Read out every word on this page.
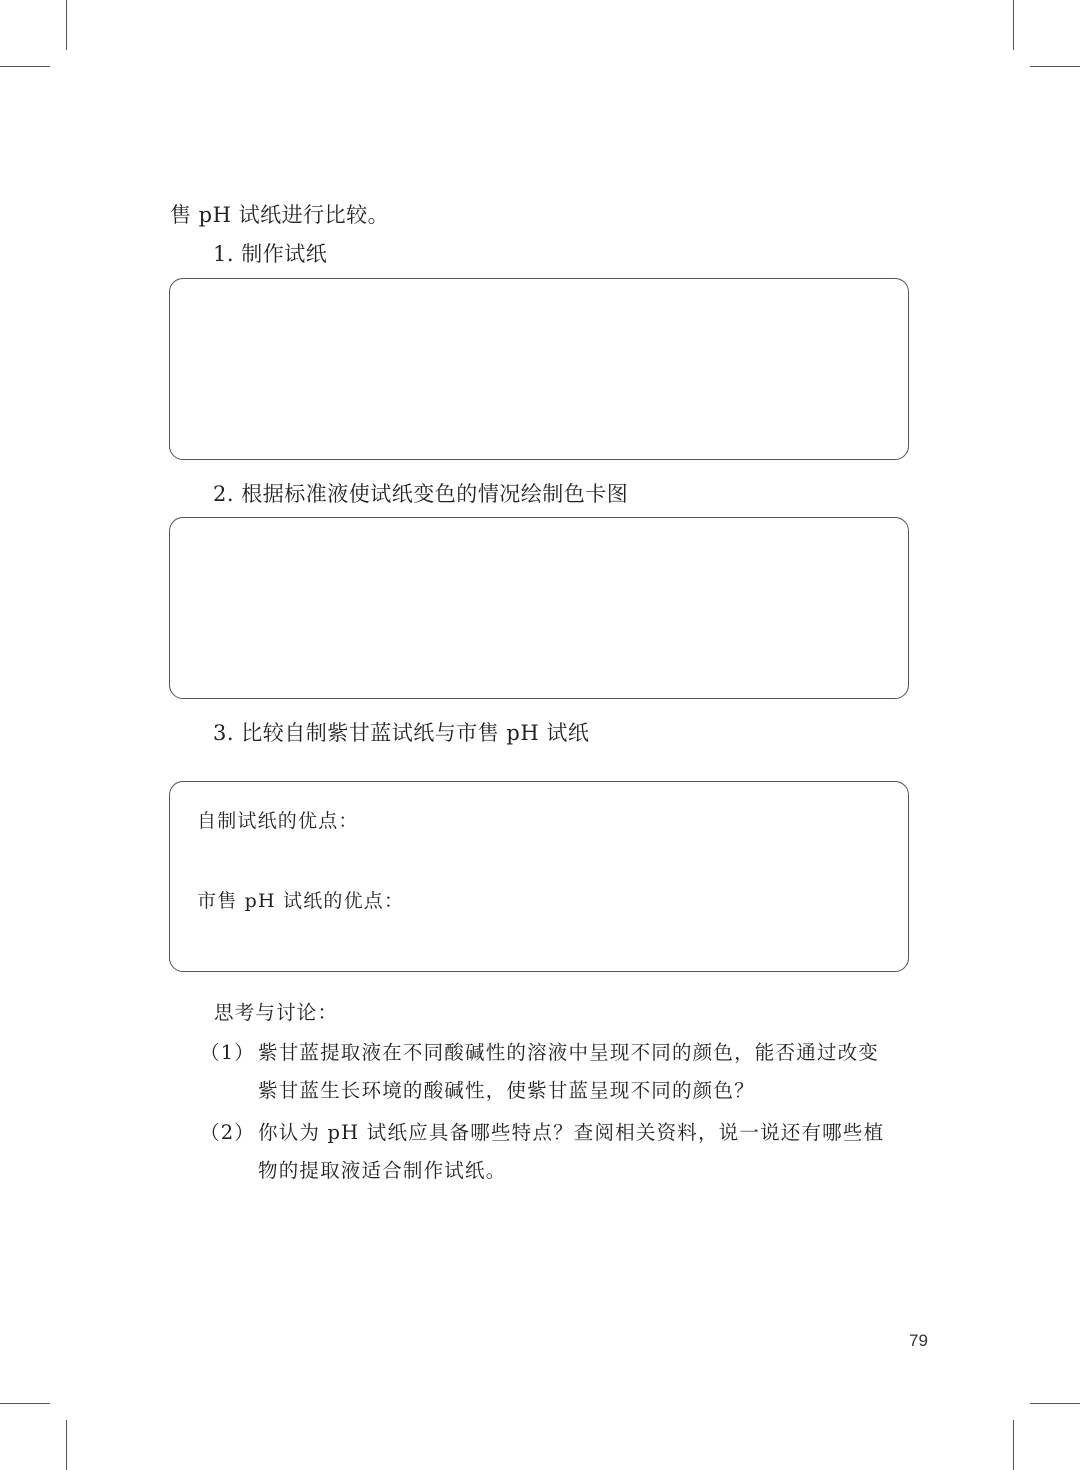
售 pH 试纸进行比较。
1. 制作试纸
2. 根据标准液使试纸变色的情况绘制色卡图
3. 比较自制紫甘蓝试纸与市售 pH 试纸
自制试纸的优点：
市售 pH 试纸的优点：
思考与讨论：
（1） 紫甘蓝提取液在不同酸碱性的溶液中呈现不同的颜色，能否通过改变
紫甘蓝生长环境的酸碱性，使紫甘蓝呈现不同的颜色？
（2） 你认为 pH 试纸应具备哪些特点？查阅相关资料，说一说还有哪些植
物的提取液适合制作试纸。
79
